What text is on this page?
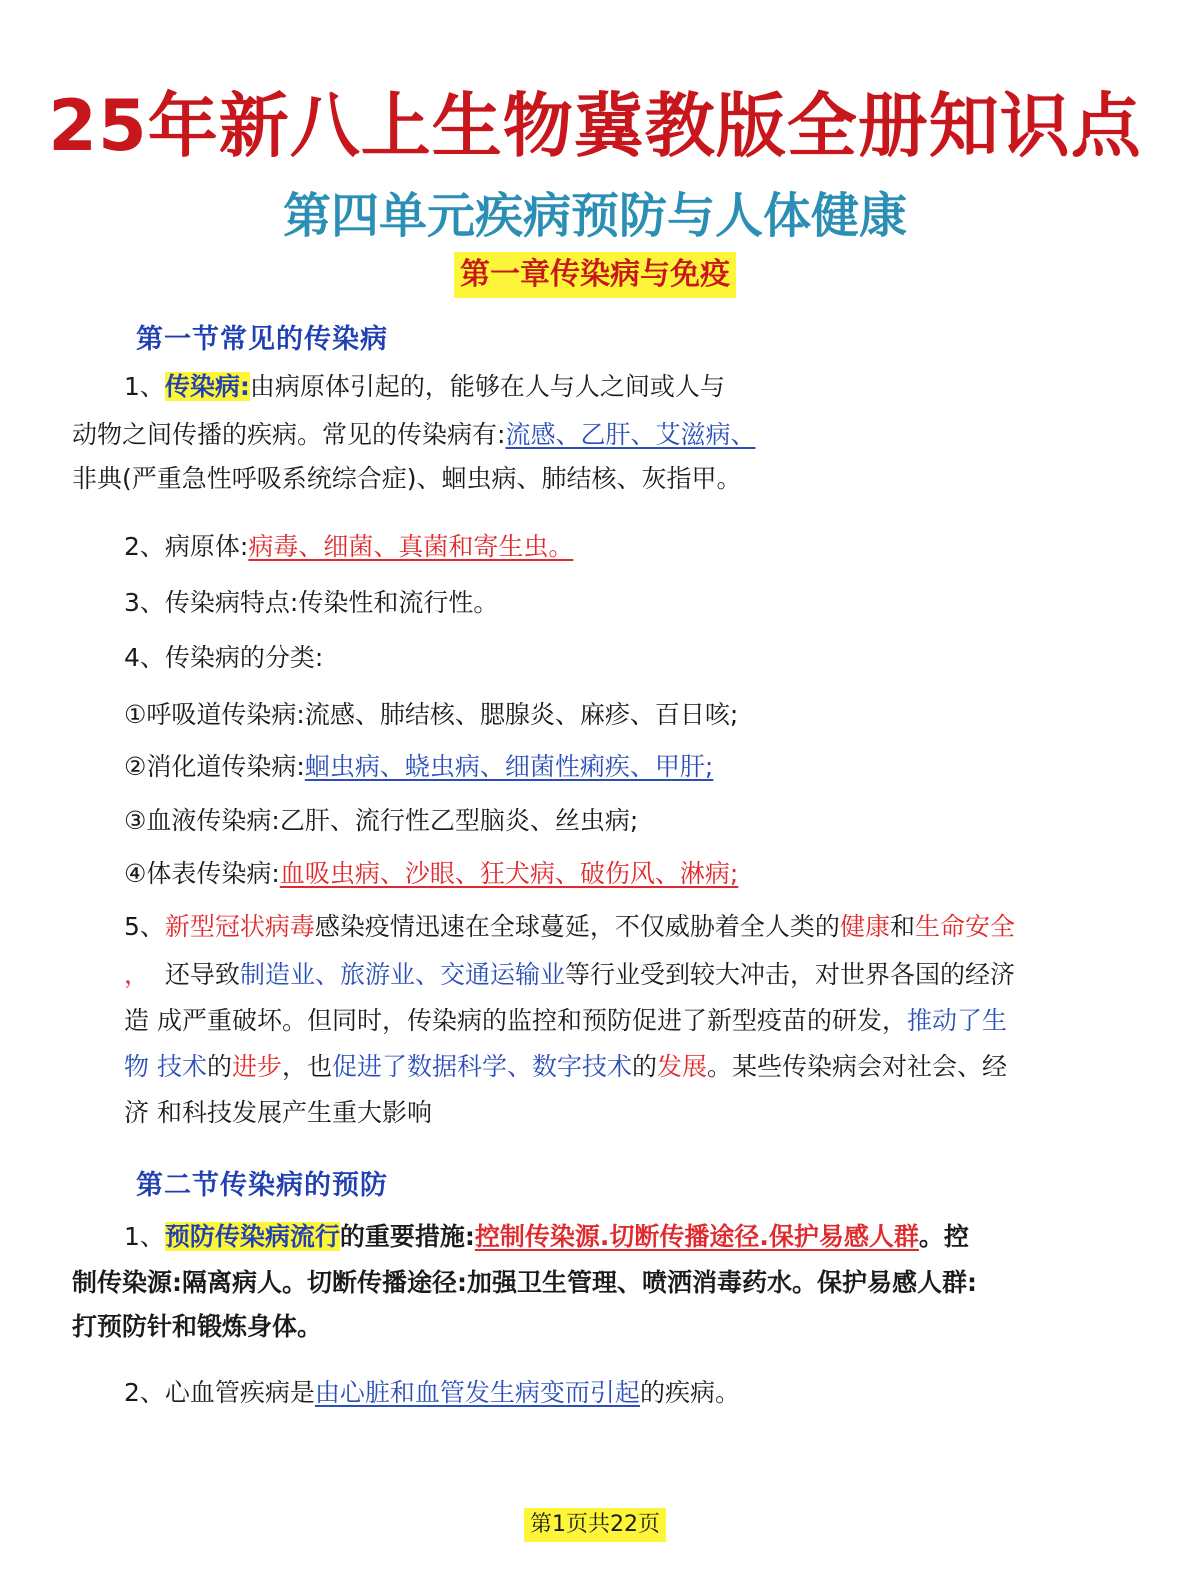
25年新八上生物冀教版全册知识点
第四单元疾病预防与人体健康
第一章传染病与免疫
第一节常见的传染病
1、传染病:由病原体引起的，能够在人与人之间或人与
动物之间传播的疾病。常见的传染病有:流感、乙肝、艾滋病、
非典(严重急性呼吸系统综合症)、蛔虫病、肺结核、灰指甲。
2、病原体:病毒、细菌、真菌和寄生虫。
3、传染病特点:传染性和流行性。
4、传染病的分类:
①呼吸道传染病:流感、肺结核、腮腺炎、麻疹、百日咳;
②消化道传染病:蛔虫病、蛲虫病、细菌性痢疾、甲肝;
③血液传染病:乙肝、流行性乙型脑炎、丝虫病;
④体表传染病:血吸虫病、沙眼、狂犬病、破伤风、淋病;
5、新型冠状病毒感染疫情迅速在全球蔓延，不仅威胁着全人类的健康和生命安全
， 还导致制造业、旅游业、交通运输业等行业受到较大冲击，对世界各国的经济
造 成严重破坏。但同时，传染病的监控和预防促进了新型疫苗的研发，推动了生
物 技术的进步，也促进了数据科学、数字技术的发展。某些传染病会对社会、经
济 和科技发展产生重大影响
第二节传染病的预防
1、预防传染病流行的重要措施:控制传染源.切断传播途径.保护易感人群。控
制传染源:隔离病人。切断传播途径:加强卫生管理、喷洒消毒药水。保护易感人群:
打预防针和锻炼身体。
2、心血管疾病是由心脏和血管发生病变而引起的疾病。
第1页共22页
